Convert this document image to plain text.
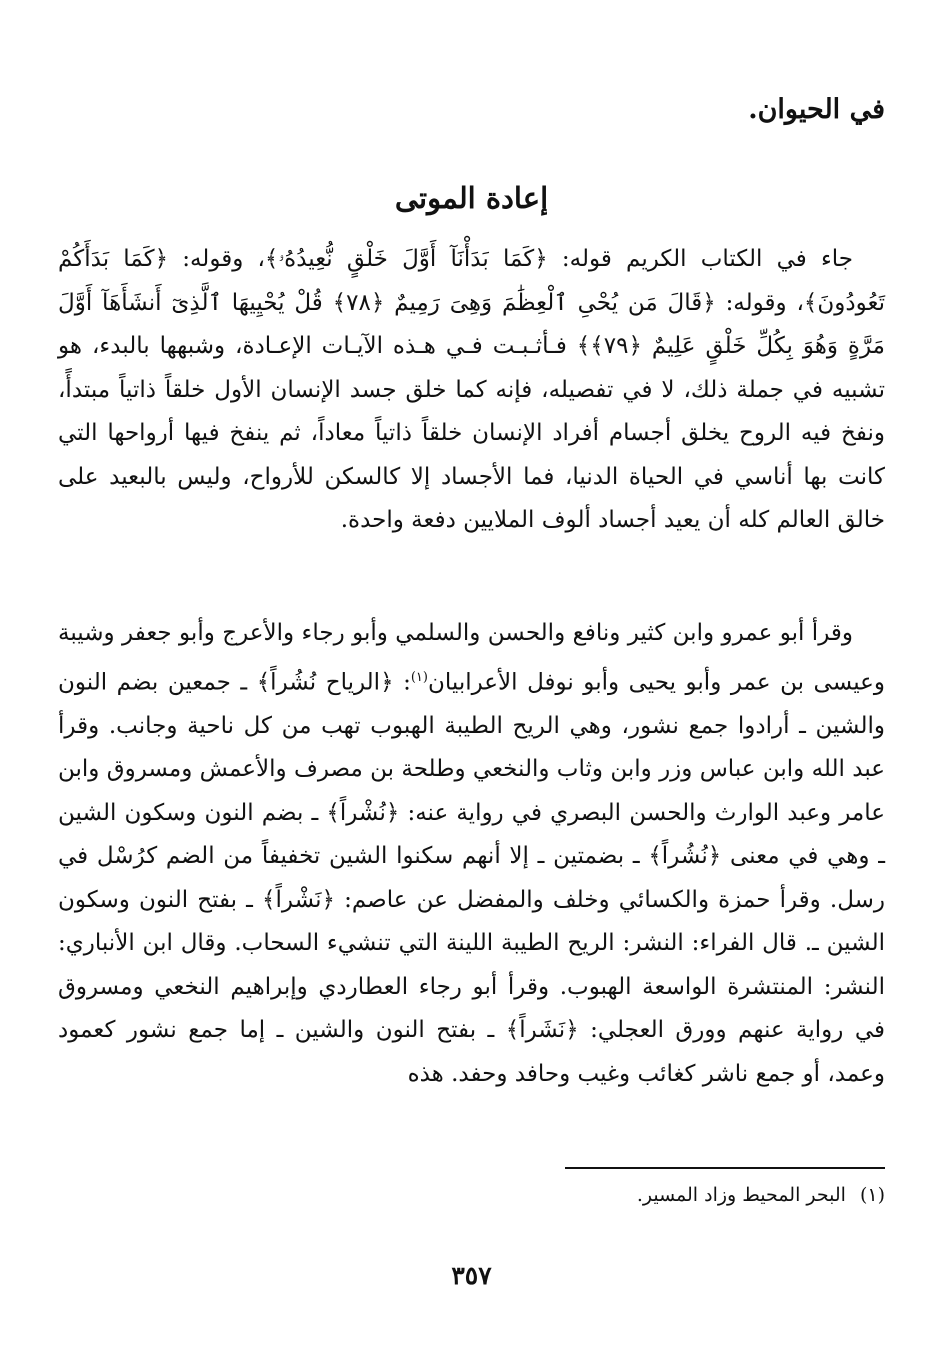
في الحيوان.
إعادة الموتى
جاء في الكتاب الكريم قوله: ﴿كَمَا بَدَأْنَآ أَوَّلَ خَلْقٍ نُّعِيدُهُۥ﴾، وقوله: ﴿كَمَا بَدَأَكُمْ تَعُودُونَ﴾، وقوله: ﴿قَالَ مَن يُحْىِ ٱلْعِظَٰمَ وَهِىَ رَمِيمٌ ﴿٧٨﴾ قُلْ يُحْيِيهَا ٱلَّذِىٓ أَنشَأَهَآ أَوَّلَ مَرَّةٍ وَهُوَ بِكُلِّ خَلْقٍ عَلِيمٌ ﴿٧٩﴾﴾ فـأثـبـت فـي هـذه الآيـات الإعـادة، وشبهها بالبدء، هو تشبيه في جملة ذلك، لا في تفصيله، فإنه كما خلق جسد الإنسان الأول خلقاً ذاتياً مبتدأً، ونفخ فيه الروح يخلق أجسام أفراد الإنسان خلقاً ذاتياً معاداً، ثم ينفخ فيها أرواحها التي كانت بها أناسي في الحياة الدنيا، فما الأجساد إلا كالسكن للأرواح، وليس بالبعيد على خالق العالم كله أن يعيد أجساد ألوف الملايين دفعة واحدة.
وقرأ أبو عمرو وابن كثير ونافع والحسن والسلمي وأبو رجاء والأعرج وأبو جعفر وشيبة وعيسى بن عمر وأبو يحيى وأبو نوفل الأعرابيان$^{(١)}$: ﴿الرياح نُشُراً﴾ ـ جمعين بضم النون والشين ـ أرادوا جمع نشور، وهي الريح الطيبة الهبوب تهب من كل ناحية وجانب. وقرأ عبد الله وابن عباس وزر وابن وثاب والنخعي وطلحة بن مصرف والأعمش ومسروق وابن عامر وعبد الوارث والحسن البصري في رواية عنه: ﴿نُشْراً﴾ ـ بضم النون وسكون الشين ـ وهي في معنى ﴿نُشُراً﴾ ـ بضمتين ـ إلا أنهم سكنوا الشين تخفيفاً من الضم كرُسْل في رسل. وقرأ حمزة والكسائي وخلف والمفضل عن عاصم: ﴿نَشْراً﴾ ـ بفتح النون وسكون الشين ـ. قال الفراء: النشر: الريح الطيبة اللينة التي تنشيء السحاب. وقال ابن الأنباري: النشر: المنتشرة الواسعة الهبوب. وقرأ أبو رجاء العطاردي وإبراهيم النخعي ومسروق في رواية عنهم وورق العجلي: ﴿نَشَراً﴾ ـ بفتح النون والشين ـ إما جمع نشور كعمود وعمد، أو جمع ناشر كغائب وغيب وحافد وحفد. هذه
(١)البحر المحيط وزاد المسير.
٣٥٧
